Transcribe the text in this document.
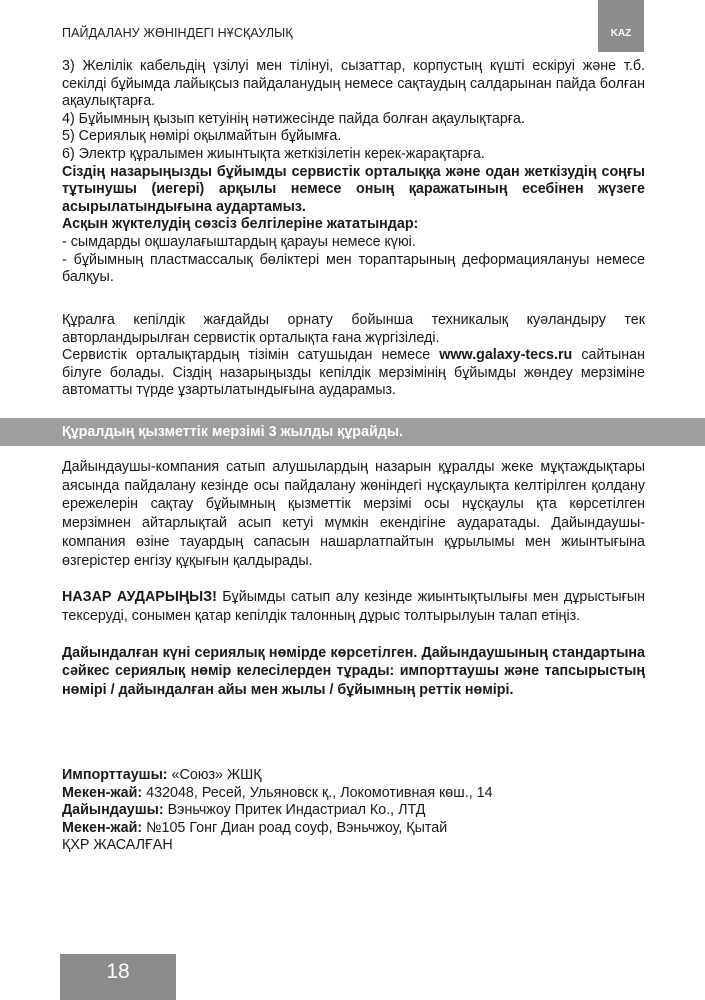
ПАЙДАЛАНУ ЖӨНІНДЕГІ НҰСҚАУЛЫҚ	KAZ

3) Желілік кабельдің үзілуі мен тілінуі, сызаттар, корпустың күшті ескіруі және т.б. секілді бұйымда лайықсыз пайдаланудың немесе сақтаудың салдарынан пайда болған ақаулықтарға.

4) Бұйымның қызып кетуінің нәтижесінде пайда болған ақаулықтарға.

5) Сериялық нөмірі оқылмайтын бұйымға.

6) Электр құралымен жиынтықта жеткізілетін керек-жарақтарға.

Сіздің назарыңызды бұйымды сервистік орталыққа және одан жеткізудің соңғы тұтынушы (иегері) арқылы немесе оның қаражатының есебінен жүзеге асырылатындығына аудартамыз.

Асқын жүктелудің сөзсіз белгілеріне жататындар:

- сымдарды оқшаулағыштардың қарауы немесе күюі.

- бұйымның пластмассалық бөліктері мен тораптарының деформациялануы немесе балқуы.

Құралға кепілдік жағдайды орнату бойынша техникалық куәландыру тек авторландырылған сервистік орталықта ғана жүргізіледі.

Сервистік орталықтардың тізімін сатушыдан немесе www.galaxy-tecs.ru сайтынан білуге болады. Сіздің назарыңызды кепілдік мерзімінің бұйымды жөндеу мерзіміне автоматты түрде ұзартылатындығына аударамыз.

Құралдың қызметтік мерзімі 3 жылды құрайды.

Дайындаушы-компания сатып алушылардың назарын құралды жеке мұқтаждықтары аясында пайдалану кезінде осы пайдалану жөніндегі нұсқаулықта келтірілген қолдану ережелерін сақтау бұйымның қызметтік мерзімі осы нұсқаулы қта көрсетілген мерзімнен айтарлықтай асып кетуі мүмкін екендігіне аударатады. Дайындаушы-компания өзіне тауардың сапасын нашарлатпайтын құрылымы мен жиынтығына өзгерістер енгізу құқығын қалдырады.

НАЗАР АУДАРЫҢЫЗ! Бұйымды сатып алу кезінде жиынтықтылығы мен дұрыстығын тексеруді, сонымен қатар кепілдік талонның дұрыс толтырылуын талап етіңіз.

Дайындалған күні сериялық нөмірде көрсетілген. Дайындаушының стандартына сәйкес сериялық нөмір келесілерден тұрады: импорттаушы және тапсырыстың нөмірі / дайындалған айы мен жылы / бұйымның реттік нөмірі.

Импорттаушы: «Союз» ЖШҚ

Мекен-жай: 432048, Ресей, Ульяновск қ., Локомотивная көш., 14

Дайындаушы: Вэньчжоу Притек Индастриал Ко., ЛТД

Мекен-жай: №105 Гонг Диан роад соуф, Вэньчжоу, Қытай

ҚХР ЖАСАЛҒАН

18
